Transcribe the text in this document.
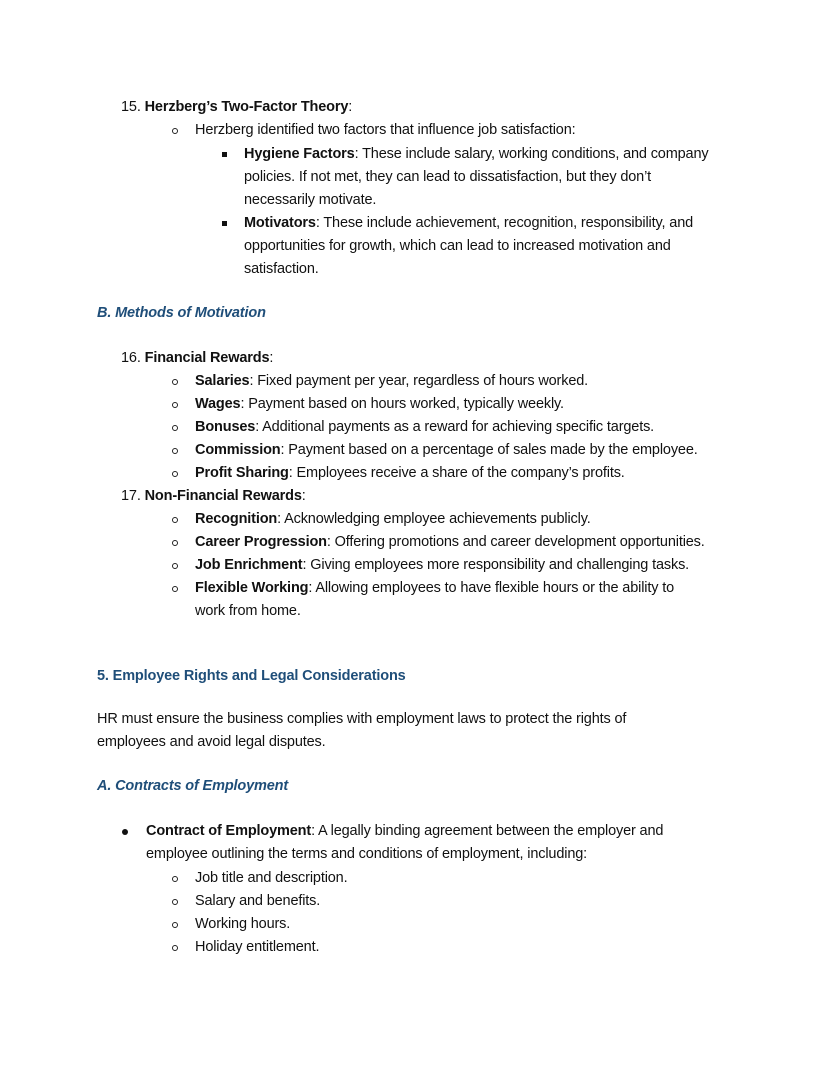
15. Herzberg’s Two-Factor Theory:
Herzberg identified two factors that influence job satisfaction:
Hygiene Factors: These include salary, working conditions, and company
policies. If not met, they can lead to dissatisfaction, but they don’t
necessarily motivate.
Motivators: These include achievement, recognition, responsibility, and
opportunities for growth, which can lead to increased motivation and
satisfaction.
B. Methods of Motivation
16. Financial Rewards:
Salaries: Fixed payment per year, regardless of hours worked.
Wages: Payment based on hours worked, typically weekly.
Bonuses: Additional payments as a reward for achieving specific targets.
Commission: Payment based on a percentage of sales made by the employee.
Profit Sharing: Employees receive a share of the company’s profits.
17. Non-Financial Rewards:
Recognition: Acknowledging employee achievements publicly.
Career Progression: Offering promotions and career development opportunities.
Job Enrichment: Giving employees more responsibility and challenging tasks.
Flexible Working: Allowing employees to have flexible hours or the ability to
work from home.
5. Employee Rights and Legal Considerations
HR must ensure the business complies with employment laws to protect the rights of
employees and avoid legal disputes.
A. Contracts of Employment
Contract of Employment: A legally binding agreement between the employer and
employee outlining the terms and conditions of employment, including:
Job title and description.
Salary and benefits.
Working hours.
Holiday entitlement.
